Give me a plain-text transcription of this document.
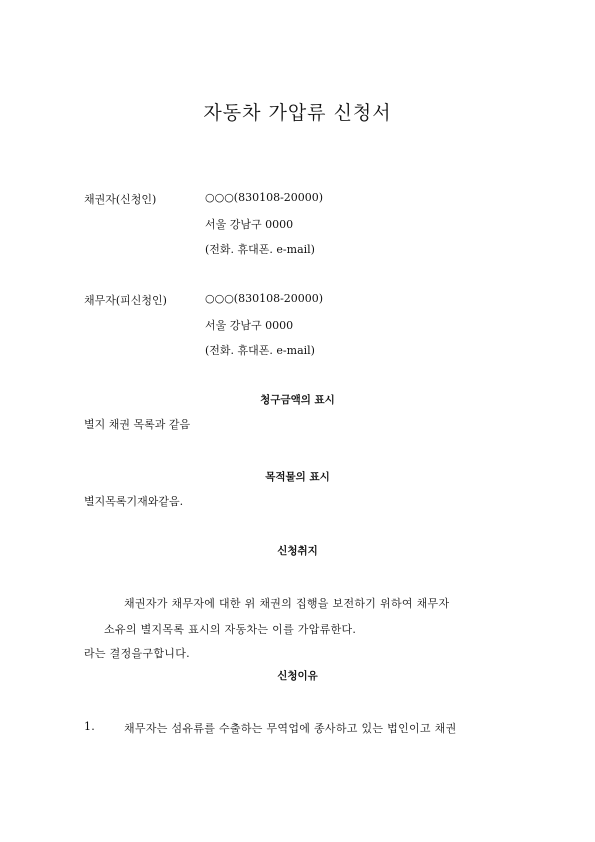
자동차 가압류 신청서
채권자(신청인)	○○○(830108-20000)
서울 강남구 0000
(전화. 휴대폰. e-mail)
채무자(피신청인)	○○○(830108-20000)
서울 강남구 0000
(전화. 휴대폰. e-mail)
청구금액의 표시
별지 채권 목록과 같음
목적물의 표시
별지목록기재와같음.
신청취지
채권자가 채무자에 대한 위 채권의 집행을 보전하기 위하여 채무자
소유의 별지목록 표시의 자동차는 이를 가압류한다.
라는 결정을구합니다.
신청이유
1.	채무자는 섬유류를 수출하는 무역업에 종사하고 있는 법인이고 채권
